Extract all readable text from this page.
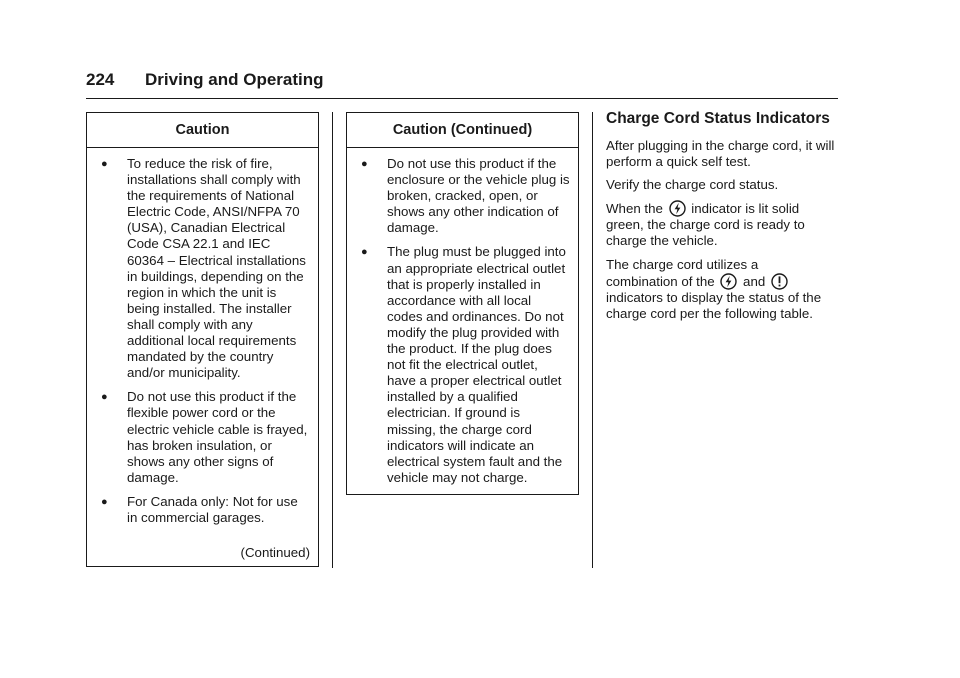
224 Driving and Operating
Caution
●	To reduce the risk of fire, installations shall comply with the requirements of National Electric Code, ANSI/NFPA 70 (USA), Canadian Electrical Code CSA 22.1 and IEC 60364 – Electrical installations in buildings, depending on the region in which the unit is being installed. The installer shall comply with any additional local requirements mandated by the country and/or municipality.
●	Do not use this product if the flexible power cord or the electric vehicle cable is frayed, has broken insulation, or shows any other signs of damage.
●	For Canada only: Not for use in commercial garages.
(Continued)
Caution (Continued)
●	Do not use this product if the enclosure or the vehicle plug is broken, cracked, open, or shows any other indication of damage.
●	The plug must be plugged into an appropriate electrical outlet that is properly installed in accordance with all local codes and ordinances. Do not modify the plug provided with the product. If the plug does not fit the electrical outlet, have a proper electrical outlet installed by a qualified electrician. If ground is missing, the charge cord indicators will indicate an electrical system fault and the vehicle may not charge.
Charge Cord Status Indicators

After plugging in the charge cord, it will perform a quick self test.

Verify the charge cord status.

When the
indicator is lit solid green, the charge cord is ready to charge the vehicle.

The charge cord utilizes a
combination of the
and

indicators to display the status of the charge cord per the following table.
